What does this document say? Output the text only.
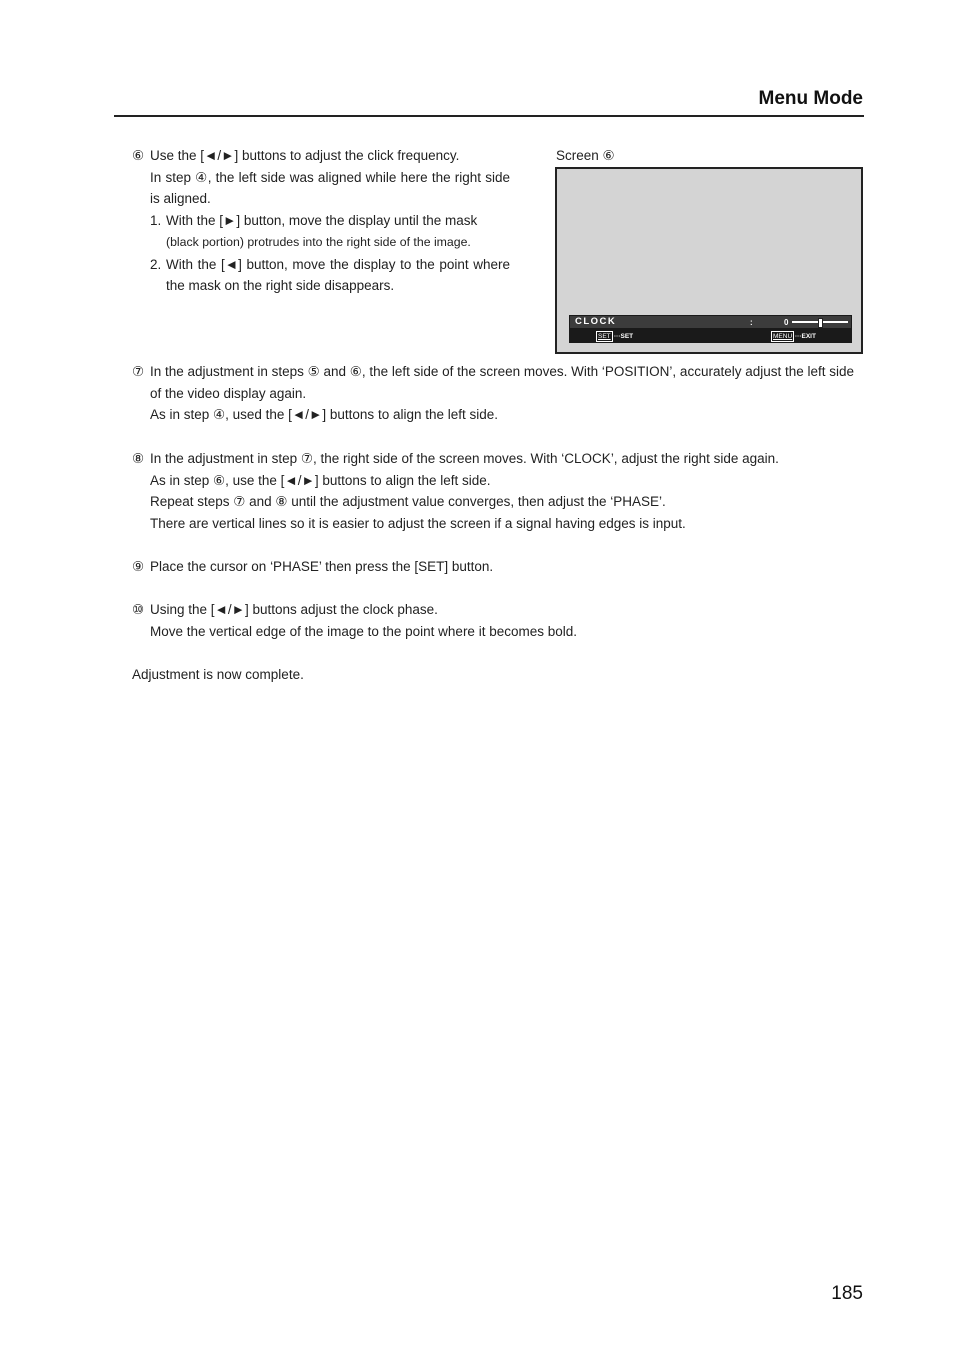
Menu Mode
⑥ Use the [◄/►] buttons to adjust the click frequency.
In step ④, the left side was aligned while here the right side is aligned.
1. With the [►] button, move the display until the mask
(black portion) protrudes into the right side of the image.
2. With the [◄] button, move the display to the point where the mask on the right side disappears.
Screen ⑥
CLOCK	:	0
SET ···SET	MENU ···EXIT
⑦ In the adjustment in steps ⑤ and ⑥, the left side of the screen moves. With ‘POSITION’, accurately adjust the left side of the video display again.
As in step ④, used the [◄/►] buttons to align the left side.
⑧ In the adjustment in step ⑦, the right side of the screen moves. With ‘CLOCK’, adjust the right side again.
As in step ⑥, use the [◄/►] buttons to align the left side.
Repeat steps ⑦ and ⑧ until the adjustment value converges, then adjust the ‘PHASE’.
There are vertical lines so it is easier to adjust the screen if a signal having edges is input.
⑨ Place the cursor on ‘PHASE’ then press the [SET] button.
⑩ Using the [◄/►] buttons adjust the clock phase.
Move the vertical edge of the image to the point where it becomes bold.
Adjustment is now complete.
185
